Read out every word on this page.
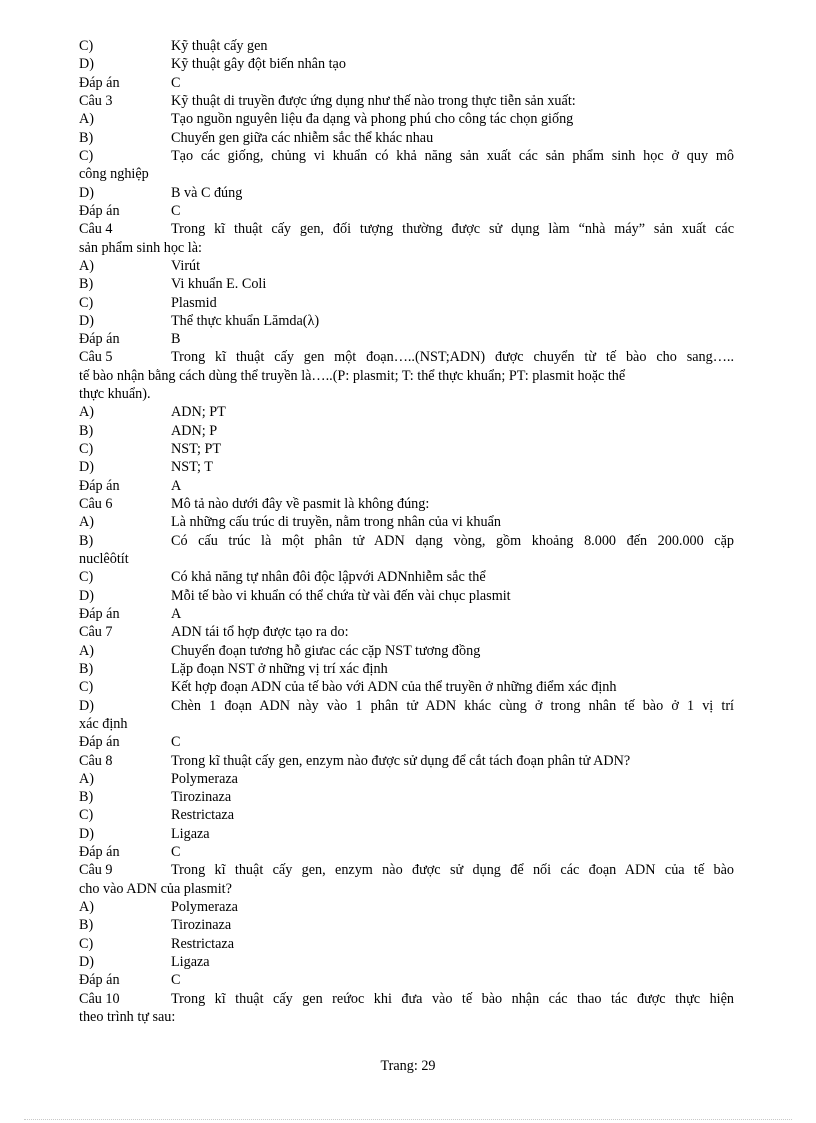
C)	Kỹ thuật cấy gen
D)	Kỹ thuật gây đột biến nhân tạo
Đáp án	C
Câu 3	Kỹ thuật di truyền được ứng dụng như thế nào trong thực tiễn sản xuất:
A)	Tạo nguồn nguyên liệu đa dạng và phong phú cho công tác chọn giống
B)	Chuyển gen giữa các nhiễm sắc thể khác nhau
C)	Tạo các giống, chủng vi khuẩn có khả năng sản xuất các sản phẩm sinh học ở quy mô
công nghiệp
D)	B và C đúng
Đáp án	C
Câu 4	Trong kĩ thuật cấy gen, đối tượng thường được sử dụng làm “nhà máy” sản xuất các
sản phẩm sinh học là:
A)	Virút
B)	Vi khuẩn E. Coli
C)	Plasmid
D)	Thể thực khuẩn Lămda(λ)
Đáp án	B
Câu 5	Trong kĩ thuật cấy gen một đoạn…..(NST;ADN) được chuyển từ tế bào cho sang…..
tế bào nhận bằng cách dùng thể truyền là…..(P: plasmit; T: thể thực khuẩn; PT: plasmit hoặc thể
thực khuẩn).
A)	ADN; PT
B)	ADN; P
C)	NST; PT
D)	NST; T
Đáp án	A
Câu 6	Mô tả nào dưới đây về pasmit là không đúng:
A)	Là những cấu trúc di truyền, nằm trong nhân của vi khuẩn
B)	Có cấu trúc là một phân tử ADN dạng vòng, gồm khoảng 8.000 đến 200.000 cặp
nuclêôtít
C)	Có khả năng tự nhân đôi độc lậpvới ADNnhiễm sắc thể
D)	Mỗi tế bào vi khuẩn có thể chứa từ vài đến vài chục plasmit
Đáp án	A
Câu 7	ADN tái tổ hợp được tạo ra do:
A)	Chuyển đoạn tương hỗ giưac các cặp NST tương đồng
B)	Lặp đoạn NST ở những vị trí xác định
C)	Kết hợp đoạn ADN của tế bào với ADN của thể truyền ở những điểm xác định
D)	Chèn 1 đoạn ADN này vào 1 phân tử ADN khác cùng ở trong nhân tế bào ở 1 vị trí
xác định
Đáp án	C
Câu 8	Trong kĩ thuật cấy gen, enzym nào được sử dụng để cắt tách đoạn phân tử ADN?
A)	Polymeraza
B)	Tirozinaza
C)	Restrictaza
D)	Ligaza
Đáp án	C
Câu 9	Trong kĩ thuật cấy gen, enzym nào được sử dụng để nối các đoạn ADN của tế bào
cho vào ADN của plasmit?
A)	Polymeraza
B)	Tirozinaza
C)	Restrictaza
D)	Ligaza
Đáp án	C
Câu 10	Trong kĩ thuật cấy gen reứoc khi đưa vào tế bào nhận các thao tác được thực hiện
theo trình tự sau:
Trang: 29
